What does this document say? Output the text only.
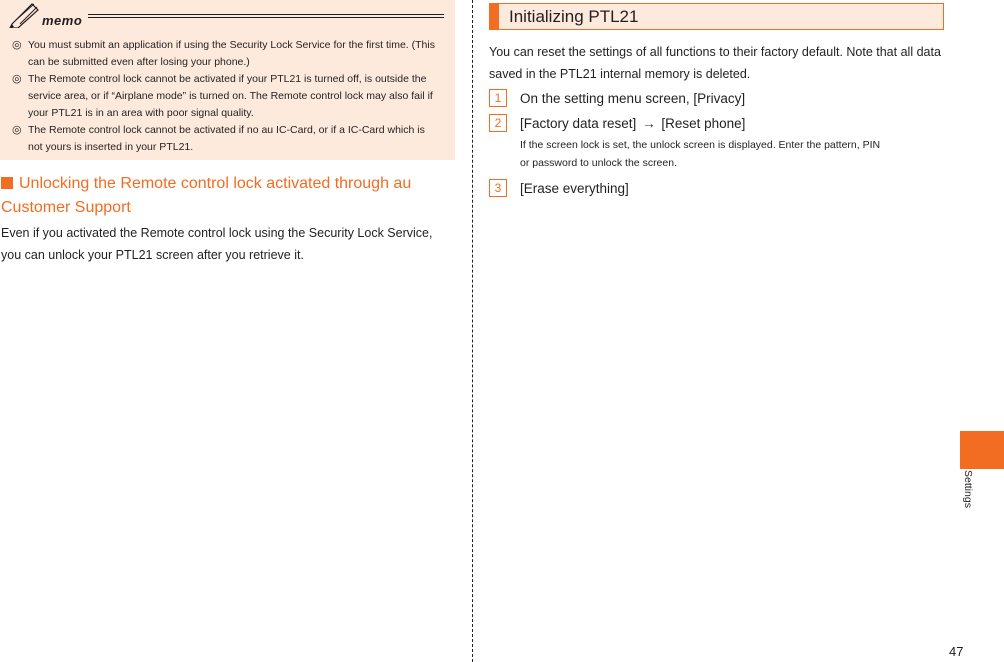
memo
◎ You must submit an application if using the Security Lock Service for the first time. (This can be submitted even after losing your phone.)
◎ The Remote control lock cannot be activated if your PTL21 is turned off, is outside the service area, or if “Airplane mode” is turned on. The Remote control lock may also fail if your PTL21 is in an area with poor signal quality.
◎ The Remote control lock cannot be activated if no au IC-Card, or if a IC-Card which is not yours is inserted in your PTL21.
Unlocking the Remote control lock activated through au Customer Support
Even if you activated the Remote control lock using the Security Lock Service, you can unlock your PTL21 screen after you retrieve it.
Initializing PTL21
You can reset the settings of all functions to their factory default. Note that all data saved in the PTL21 internal memory is deleted.
1	On the setting menu screen, [Privacy]
2	[Factory data reset] → [Reset phone]
If the screen lock is set, the unlock screen is displayed. Enter the pattern, PIN or password to unlock the screen.
3	[Erase everything]
Settings
47
